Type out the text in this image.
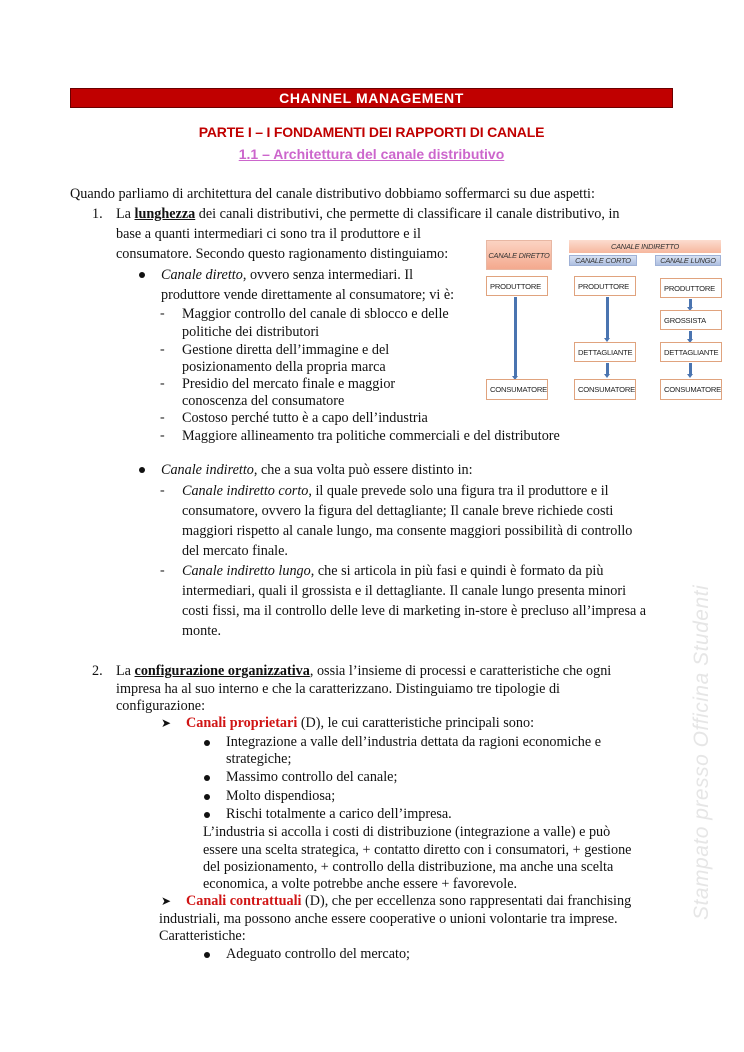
CHANNEL MANAGEMENT
PARTE I – I FONDAMENTI DEI RAPPORTI DI CANALE
1.1 – Architettura del canale distributivo
Quando parliamo di architettura del canale distributivo dobbiamo soffermarci su due aspetti:
1. La lunghezza dei canali distributivi, che permette di classificare il canale distributivo, in
base a quanti intermediari ci sono tra il produttore e il
consumatore. Secondo questo ragionamento distinguiamo:
Canale diretto, ovvero senza intermediari. Il
produttore vende direttamente al consumatore; vi è:
- Maggior controllo del canale di sblocco e delle
politiche dei distributori
- Gestione diretta dell’immagine e del
posizionamento della propria marca
- Presidio del mercato finale e maggior
conoscenza del consumatore
- Costoso perché tutto è a capo dell’industria
- Maggiore allineamento tra politiche commerciali e del distributore
CANALE DIRETTO
CANALE INDIRETTO
CANALE CORTO	CANALE LUNGO
PRODUTTORE
CONSUMATORE
PRODUTTORE
DETTAGLIANTE
CONSUMATORE
PRODUTTORE
GROSSISTA
DETTAGLIANTE
CONSUMATORE
Canale indiretto, che a sua volta può essere distinto in:
- Canale indiretto corto, il quale prevede solo una figura tra il produttore e il
consumatore, ovvero la figura del dettagliante; Il canale breve richiede costi
maggiori rispetto al canale lungo, ma consente maggiori possibilità di controllo
del mercato finale.
- Canale indiretto lungo, che si articola in più fasi e quindi è formato da più
intermediari, quali il grossista e il dettagliante. Il canale lungo presenta minori
costi fissi, ma il controllo delle leve di marketing in-store è precluso all’impresa a
monte.
2. La configurazione organizzativa, ossia l’insieme di processi e caratteristiche che ogni
impresa ha al suo interno e che la caratterizzano. Distinguiamo tre tipologie di
configurazione:
➤ Canali proprietari (D), le cui caratteristiche principali sono:
Integrazione a valle dell’industria dettata da ragioni economiche e
strategiche;
Massimo controllo del canale;
Molto dispendiosa;
Rischi totalmente a carico dell’impresa.
L’industria si accolla i costi di distribuzione (integrazione a valle) e può
essere una scelta strategica, + contatto diretto con i consumatori, + gestione
del posizionamento, + controllo della distribuzione, ma anche una scelta
economica, a volte potrebbe anche essere + favorevole.
➤ Canali contrattuali (D), che per eccellenza sono rappresentati dai franchising
industriali, ma possono anche essere cooperative o unioni volontarie tra imprese.
Caratteristiche:
Adeguato controllo del mercato;
Stampato presso Officina Studenti
